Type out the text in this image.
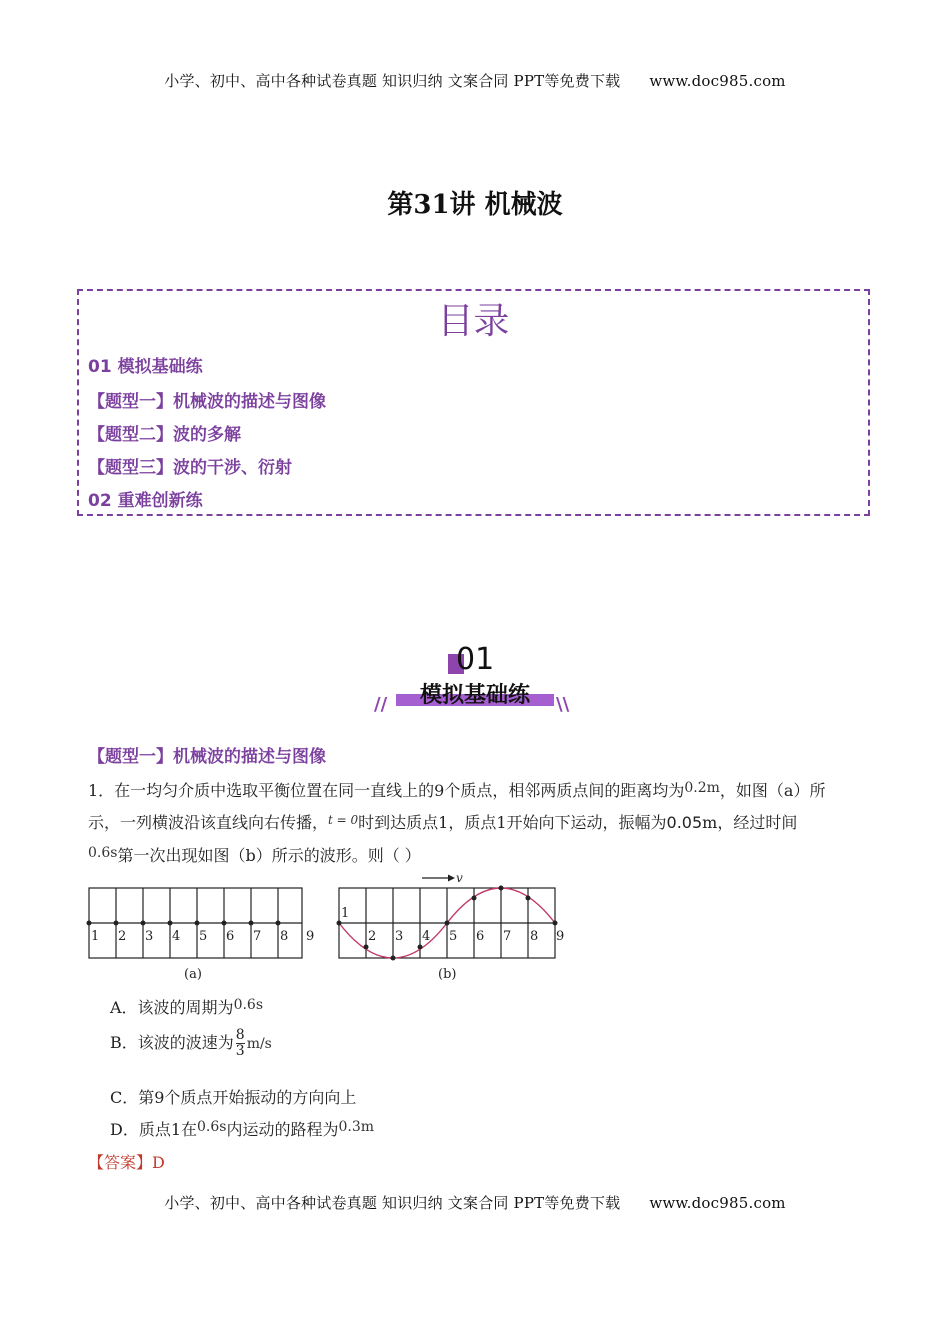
小学、初中、高中各种试卷真题 知识归纳 文案合同 PPT等免费下载 www.doc985.com
第31讲 机械波
目录
01 模拟基础练
【题型一】机械波的描述与图像
【题型二】波的多解
【题型三】波的干涉、衍射
02 重难创新练
01
模拟基础练
//	\\
【题型一】机械波的描述与图像
1．在一均匀介质中选取平衡位置在同一直线上的9个质点，相邻两质点间的距离均为0.2m，如图（a）所
示，一列横波沿该直线向右传播，$^{t = 0}$时到达质点1，质点1开始向下运动，振幅为0.05m，经过时间
0.6s第一次出现如图（b）所示的波形。则（ ）
1 2 3 4 5 6 7 8 9
(a)
v
1
2 3 4 5 6 7 8 9
(b)
A．该波的周期为0.6s
B．该波的波速为 $\frac{8}{3} m/s$
C．第9个质点开始振动的方向向上
D．质点1在0.6s内运动的路程为0.3m
【答案】D
小学、初中、高中各种试卷真题 知识归纳 文案合同 PPT等免费下载 www.doc985.com
